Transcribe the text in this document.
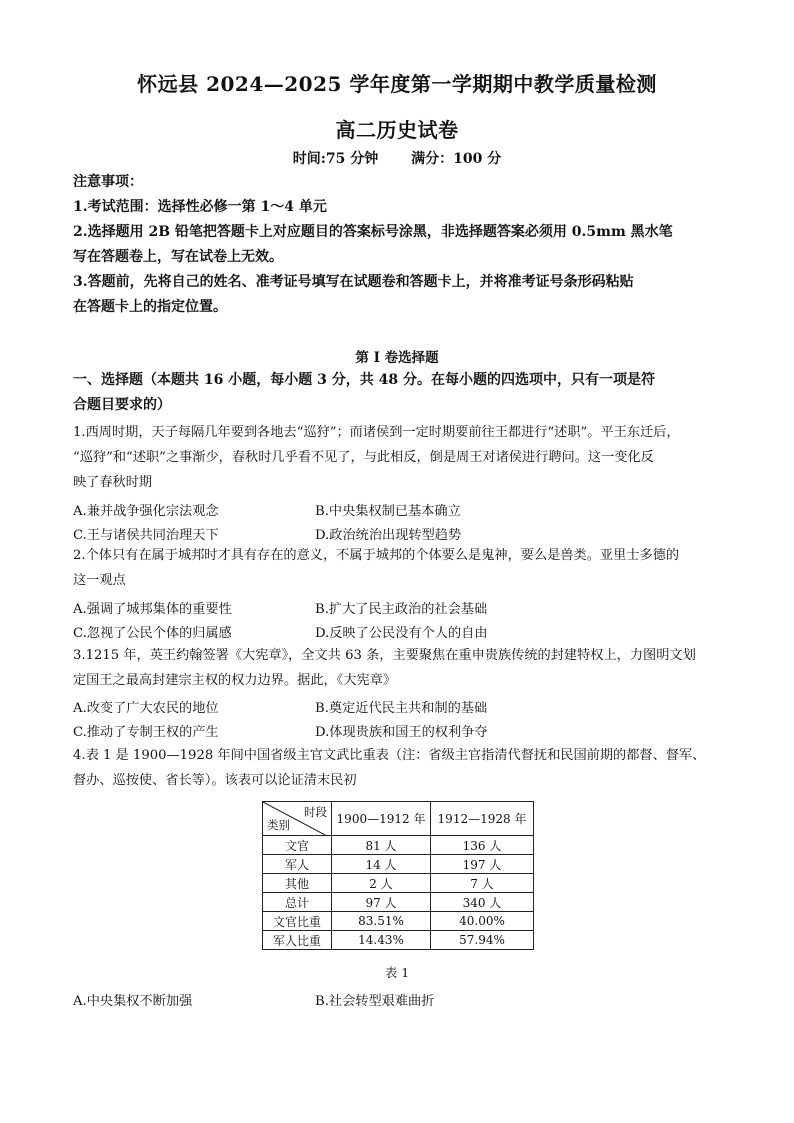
怀远县 2024—2025 学年度第一学期期中教学质量检测
高二历史试卷
时间:75 分钟 满分：100 分
注意事项：
1.考试范围：选择性必修一第 1～4 单元
2.选择题用 2B 铅笔把答题卡上对应题目的答案标号涂黑，非选择题答案必须用 0.5mm 黑水笔
写在答题卷上，写在试卷上无效。
3.答题前，先将自己的姓名、准考证号填写在试题卷和答题卡上，并将准考证号条形码粘贴
在答题卡上的指定位置。
第 I 卷选择题
一、选择题（本题共 16 小题，每小题 3 分，共 48 分。在每小题的四选项中，只有一项是符
合题目要求的）
1.西周时期，天子每隔几年要到各地去“巡狩”；而诸侯到一定时期要前往王都进行“述职”。平王东迁后，
“巡狩”和“述职”之事渐少，春秋时几乎看不见了，与此相反，倒是周王对诸侯进行聘问。这一变化反
映了春秋时期
A.兼并战争强化宗法观念	B.中央集权制已基本确立
C.王与诸侯共同治理天下	D.政治统治出现转型趋势
2.个体只有在属于城邦时才具有存在的意义，不属于城邦的个体要么是鬼神，要么是兽类。亚里士多德的
这一观点
A.强调了城邦集体的重要性	B.扩大了民主政治的社会基础
C.忽视了公民个体的归属感	D.反映了公民没有个人的自由
3.1215 年，英王约翰签署《大宪章》，全文共 63 条，主要聚焦在重申贵族传统的封建特权上，力图明文划
定国王之最高封建宗主权的权力边界。据此，《大宪章》
A.改变了广大农民的地位	B.奠定近代民主共和制的基础
C.推动了专制王权的产生	D.体现贵族和国王的权利争夺
4.表 1 是 1900—1928 年间中国省级主官文武比重表（注：省级主官指清代督抚和民国前期的都督、督军、
督办、巡按使、省长等）。该表可以论证清末民初
时段
类别	1900—1912 年	1912—1928 年
文官	81 人	136 人
军人	14 人	197 人
其他	2 人	7 人
总计	97 人	340 人
文官比重	83.51%	40.00%
军人比重	14.43%	57.94%
表 1
A.中央集权不断加强	B.社会转型艰难曲折
